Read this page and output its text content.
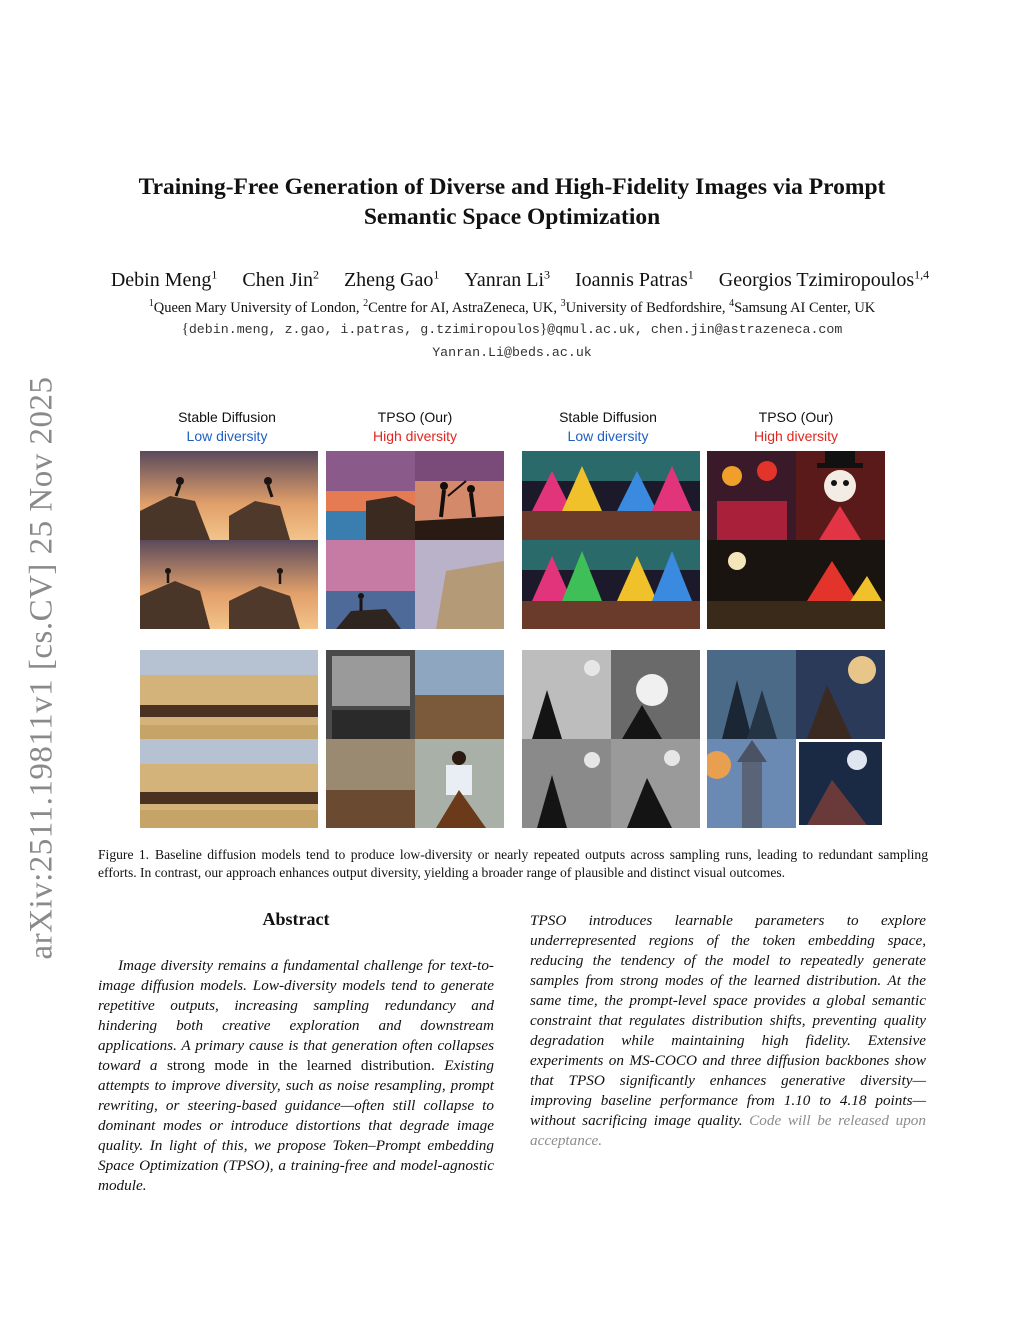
arXiv:2511.19811v1 [cs.CV] 25 Nov 2025
Training-Free Generation of Diverse and High-Fidelity Images via Prompt
Semantic Space Optimization
Debin Meng$^1$ Chen Jin$^2$ Zheng Gao$^1$ Yanran Li$^3$ Ioannis Patras$^1$ Georgios Tzimiropoulos$^{1,4}$
$^1$Queen Mary University of London, $^2$Centre for AI, AstraZeneca, UK, $^3$University of Bedfordshire, $^4$Samsung AI Center, UK
{debin.meng, z.gao, i.patras, g.tzimiropoulos}@qmul.ac.uk, chen.jin@astrazeneca.com
Yanran.Li@beds.ac.uk
Stable Diffusion
Low diversity
TPSO (Our)
High diversity
Stable Diffusion
Low diversity
TPSO (Our)
High diversity
Figure 1. Baseline diffusion models tend to produce low-diversity or nearly repeated outputs across sampling runs, leading to redundant sampling efforts. In contrast, our approach enhances output diversity, yielding a broader range of plausible and distinct visual outcomes.
Abstract
Image diversity remains a fundamental challenge for text-to-image diffusion models. Low-diversity models tend to generate repetitive outputs, increasing sampling redundancy and hindering both creative exploration and downstream applications. A primary cause is that generation often collapses toward a strong mode in the learned distribution. Existing attempts to improve diversity, such as noise resampling, prompt rewriting, or steering-based guidance—often still collapse to dominant modes or introduce distortions that degrade image quality. In light of this, we propose Token–Prompt embedding Space Optimization (TPSO), a training-free and model-agnostic module.
TPSO introduces learnable parameters to explore underrepresented regions of the token embedding space, reducing the tendency of the model to repeatedly generate samples from strong modes of the learned distribution. At the same time, the prompt-level space provides a global semantic constraint that regulates distribution shifts, preventing quality degradation while maintaining high fidelity. Extensive experiments on MS-COCO and three diffusion backbones show that TPSO significantly enhances generative diversity—improving baseline performance from 1.10 to 4.18 points—without sacrificing image quality. Code will be released upon acceptance.
